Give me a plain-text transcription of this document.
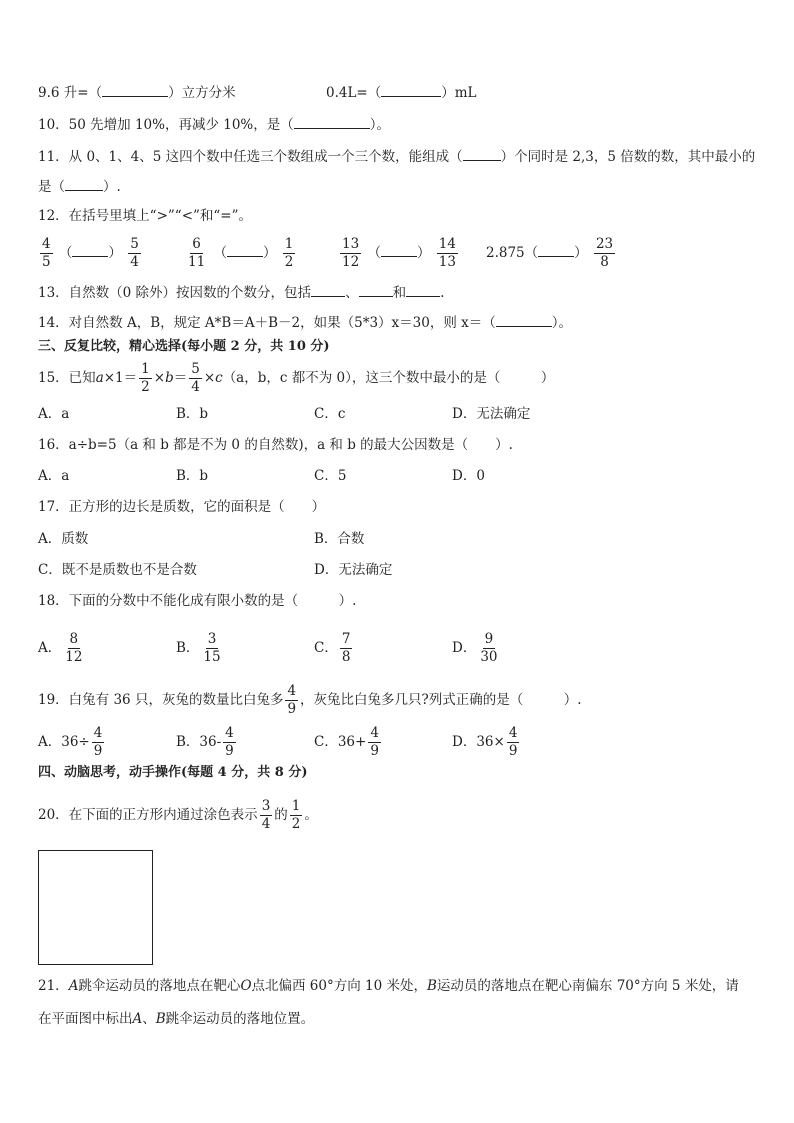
9.6 升=（	）立方分米	0.4L=（	）mL
10．50 先增加 10%，再减少 10%，是（	）。
11．从 0、1、4、5 这四个数中任选三个数组成一个三个数，能组成（	）个同时是 2,3，5 倍数的数，其中最小的
是（	）.
12．在括号里填上“>”“<”和“=”。
$\frac{4}{5}$ （	） $\frac{5}{4}$	$\frac{6}{11}$ （	） $\frac{1}{2}$	$\frac{13}{12}$ （	） $\frac{14}{13} 2.875$（	） $\frac{23}{8}$
13．自然数（0 除外）按因数的个数分，包括	、	和	.
14．对自然数 A，B，规定 A*B＝A＋B－2，如果（5*3）x＝30，则 x＝（	）。
三、反复比较，精心选择(每小题 2 分，共 10 分)
15．已知$a\times 1= \frac{1}{2} \times b= \frac{5}{4} \times c(a$，b，c 都不为 0），这三个数中最小的是（　　　）
A．a	B．b	C．c	D．无法确定
16．a÷b=5（a 和 b 都是不为 0 的自然数)，a 和 b 的最大公因数是（　　）.
A．a	B．b	C．5	D．0
17．正方形的边长是质数，它的面积是（　　）
A．质数	B．合数
C．既不是质数也不是合数	D．无法确定
18．下面的分数中不能化成有限小数的是（　　　）.
A． $\frac{8}{12}$	B． $\frac{3}{15}$	C． $\frac{7}{8}$	D． $\frac{9}{30}$
19．白兔有 36 只，灰兔的数量比白兔多 $\frac{4}{9}$ ，灰兔比白兔多几只?列式正确的是（　　　）.
A．$36\div \frac{4}{9}$	B．$36- \frac{4}{9}$	C．$36+ \frac{4}{9}$	D．$36\times \frac{4}{9}$
四、动脑思考，动手操作(每题 4 分，共 8 分)
20．在下面的正方形内通过涂色表示 $\frac{3}{4}$ 的 $\frac{1}{2}$ 。
21．A跳伞运动员的落地点在靶心O点北偏西 60°方向 10 米处，B运动员的落地点在靶心南偏东 70°方向 5 米处，请
在平面图中标出A、B跳伞运动员的落地位置。
